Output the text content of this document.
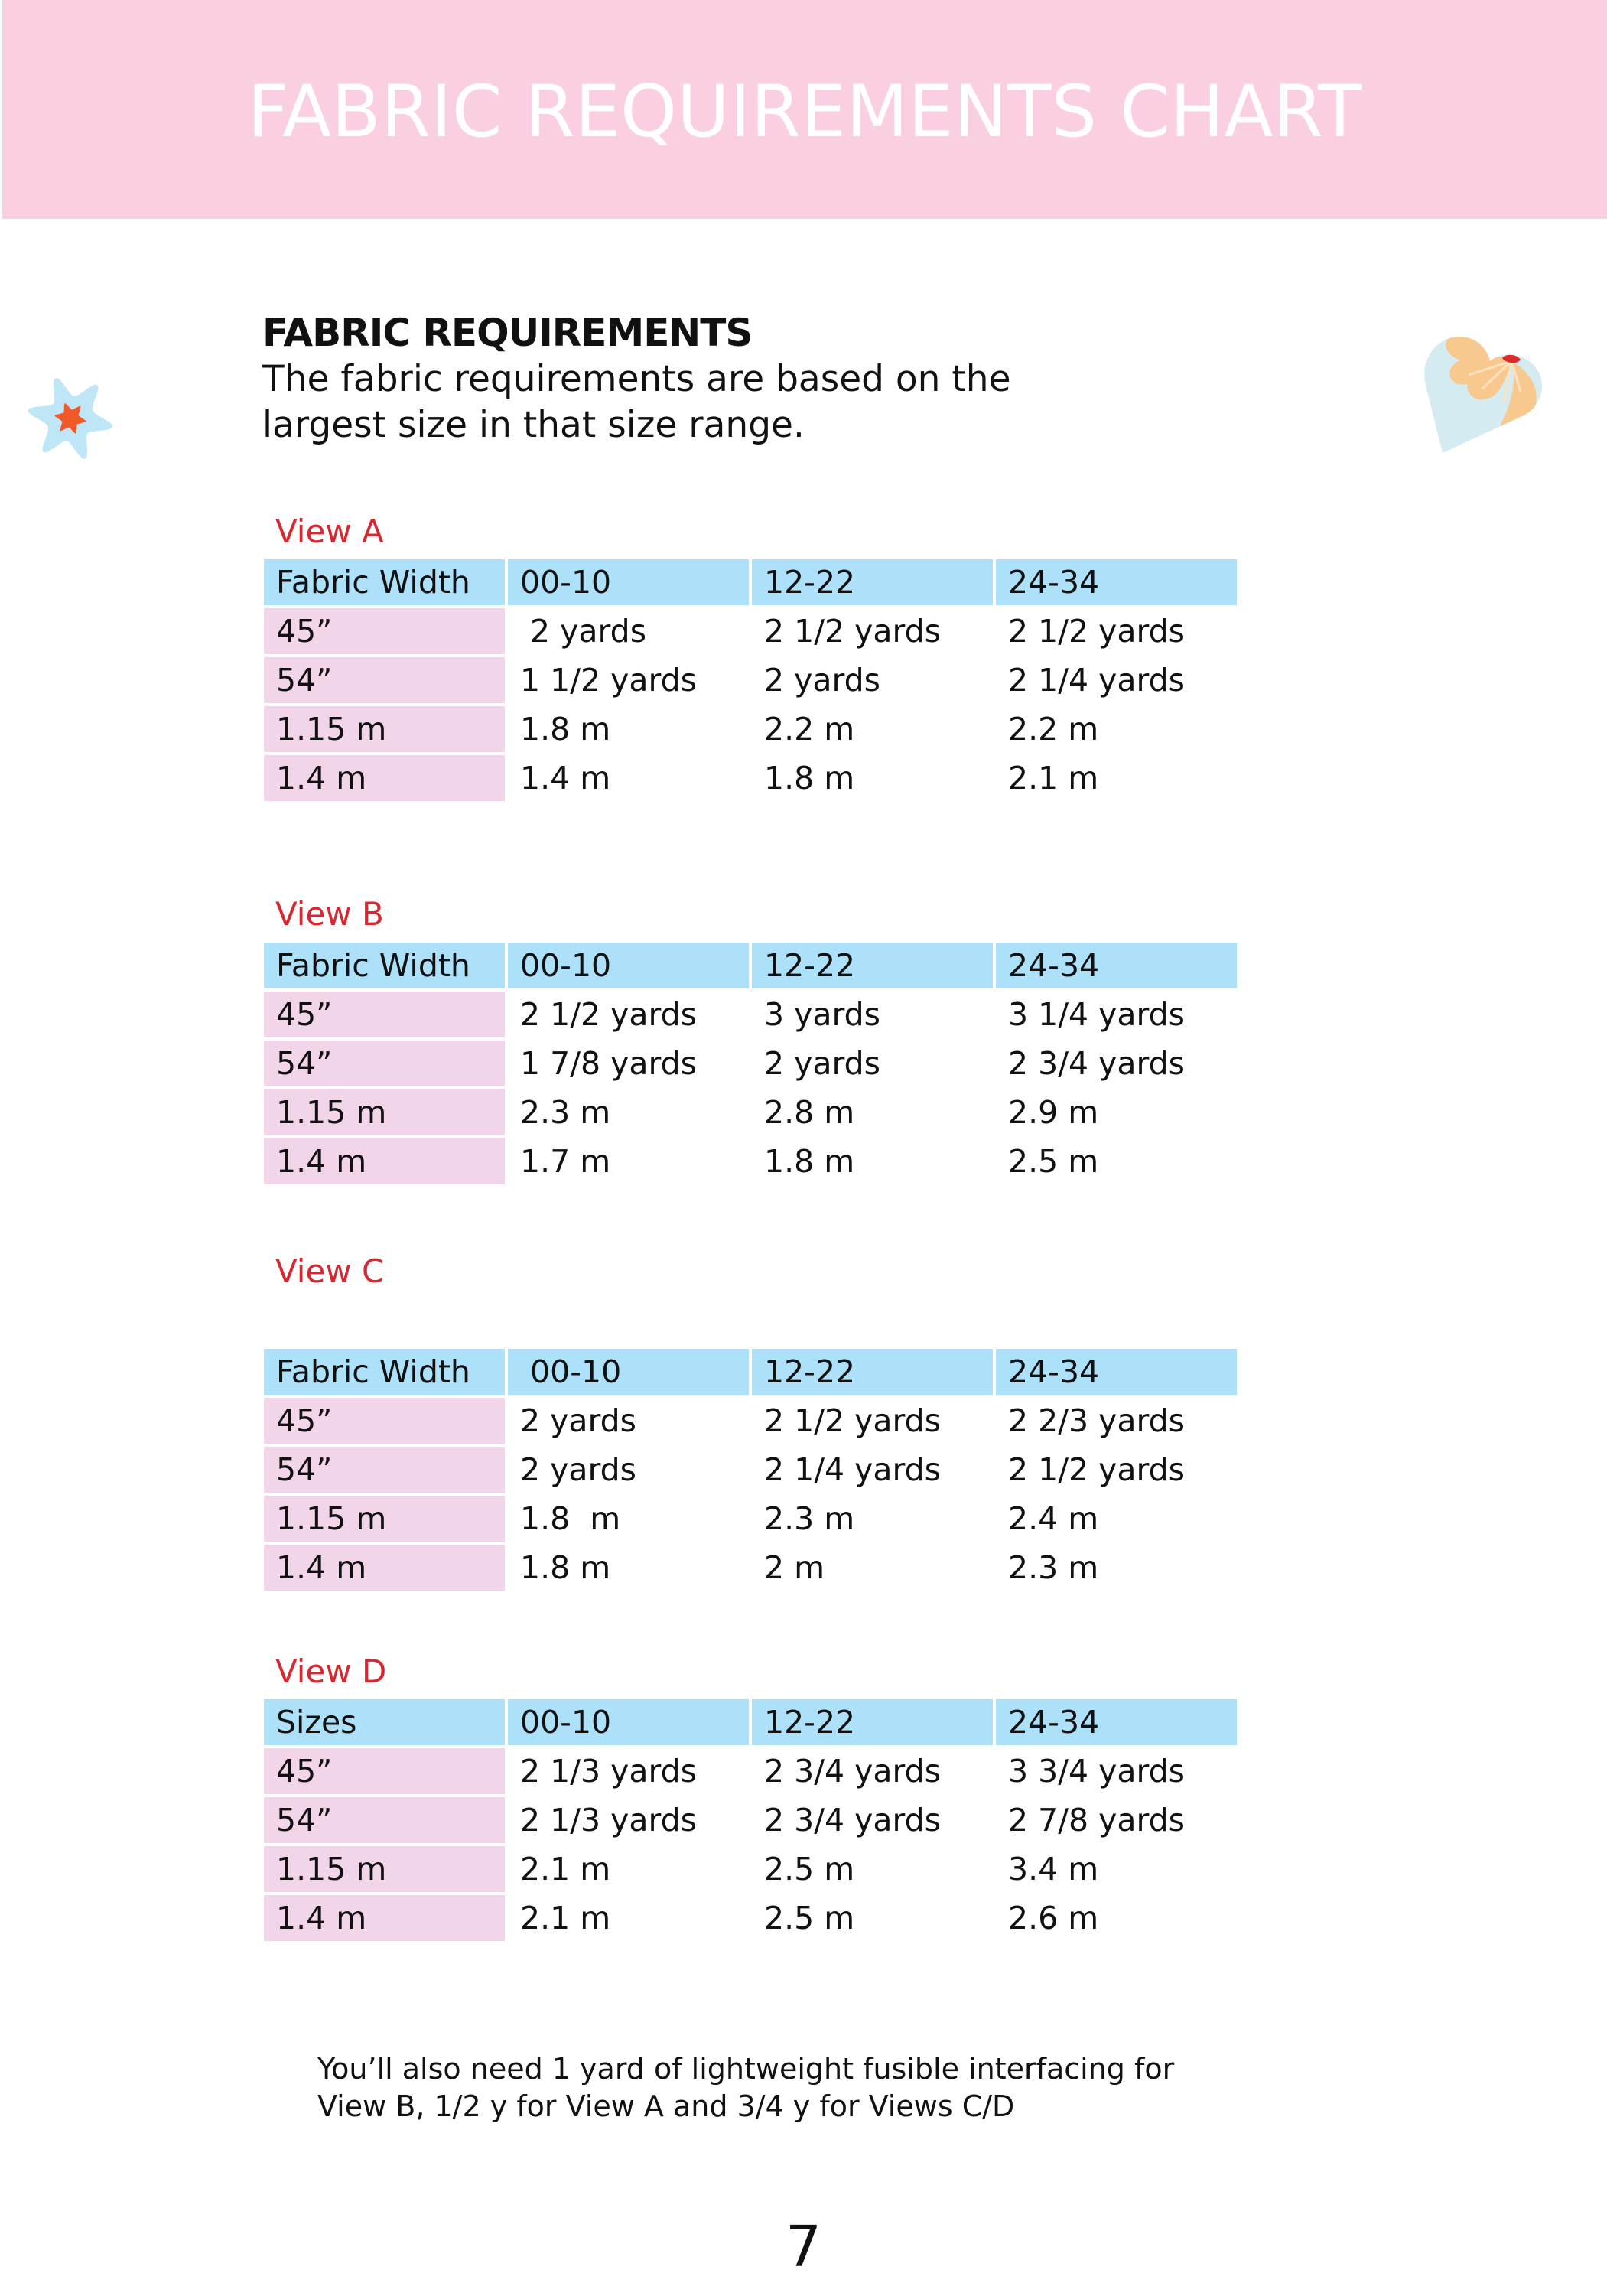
FABRIC REQUIREMENTS CHART
FABRIC REQUIREMENTS

The fabric requirements are based on the

largest size in that size range.

View A

Fabric Width	00-10	12-22	24-34
45”	2 yards	2 1/2 yards	2 1/2 yards
54”	1 1/2 yards	2 yards	2 1/4 yards
1.15 m	1.8 m	2.2 m	2.2 m
1.4 m	1.4 m	1.8 m	2.1 m

View B

Fabric Width	00-10	12-22	24-34
45”	2 1/2 yards	3 yards	3 1/4 yards
54”	1 7/8 yards	2 yards	2 3/4 yards
1.15 m	2.3 m	2.8 m	2.9 m
1.4 m	1.7 m	1.8 m	2.5 m

View C

Fabric Width	00-10	12-22	24-34
45”	2 yards	2 1/2 yards	2 2/3 yards
54”	2 yards	2 1/4 yards	2 1/2 yards
1.15 m	1.8  m	2.3 m	2.4 m
1.4 m	1.8 m	2 m	2.3 m

View D

Sizes	00-10	12-22	24-34
45”	2 1/3 yards	2 3/4 yards	3 3/4 yards
54”	2 1/3 yards	2 3/4 yards	2 7/8 yards
1.15 m	2.1 m	2.5 m	3.4 m
1.4 m	2.1 m	2.5 m	2.6 m
You’ll also need 1 yard of lightweight fusible interfacing for
View B, 1/2 y for View A and 3/4 y for Views C/D

7
